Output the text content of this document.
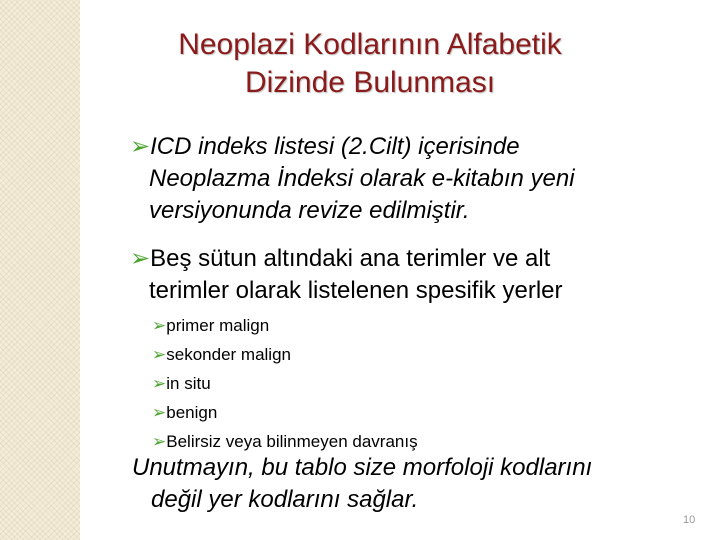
Neoplazi Kodlarının Alfabetik
Dizinde Bulunması
➢ICD indeks listesi (2.Cilt) içerisinde
Neoplazma İndeksi olarak e-kitabın yeni
versiyonunda revize edilmiştir.
➢Beş sütun altındaki ana terimler ve alt
terimler olarak listelenen spesifik yerler
➢primer malign
➢sekonder malign
➢in situ
➢benign
➢Belirsiz veya bilinmeyen davranış
Unutmayın, bu tablo size morfoloji kodlarını
değil yer kodlarını sağlar.
10
